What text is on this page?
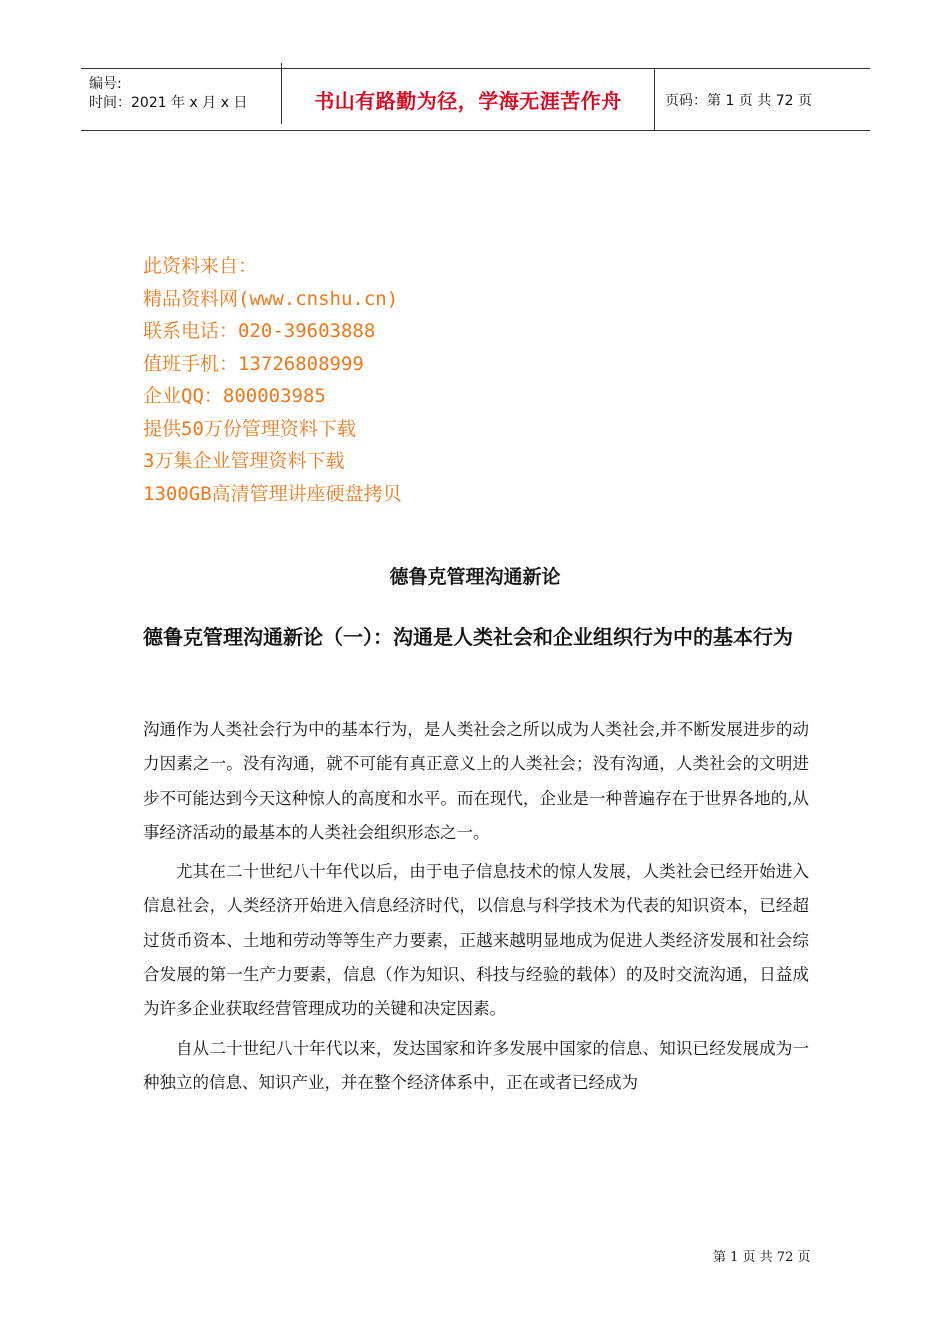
编号:
时间：2021 年 x 月 x 日	书山有路勤为径，学海无涯苦作舟	页码：第 1 页 共 72 页
此资料来自：
精品资料网(www.cnshu.cn)
联系电话：020-39603888
值班手机：13726808999
企业QQ：800003985
提供50万份管理资料下载
3万集企业管理资料下载
1300GB高清管理讲座硬盘拷贝
德鲁克管理沟通新论
德鲁克管理沟通新论（一）：沟通是人类社会和企业组织行为中的基本行为

沟通作为人类社会行为中的基本行为，是人类社会之所以成为人类社会,并不断发展进步的动力因素之一。没有沟通，就不可能有真正意义上的人类社会；没有沟通，人类社会的文明进步不可能达到今天这种惊人的高度和水平。而在现代，企业是一种普遍存在于世界各地的,从事经济活动的最基本的人类社会组织形态之一。

尤其在二十世纪八十年代以后，由于电子信息技术的惊人发展，人类社会已经开始进入信息社会，人类经济开始进入信息经济时代，以信息与科学技术为代表的知识资本，已经超过货币资本、土地和劳动等等生产力要素，正越来越明显地成为促进人类经济发展和社会综合发展的第一生产力要素，信息（作为知识、科技与经验的载体）的及时交流沟通，日益成为许多企业获取经营管理成功的关键和决定因素。

自从二十世纪八十年代以来，发达国家和许多发展中国家的信息、知识已经发展成为一种独立的信息、知识产业，并在整个经济体系中，正在或者已经成为

第 1 页 共 72 页
